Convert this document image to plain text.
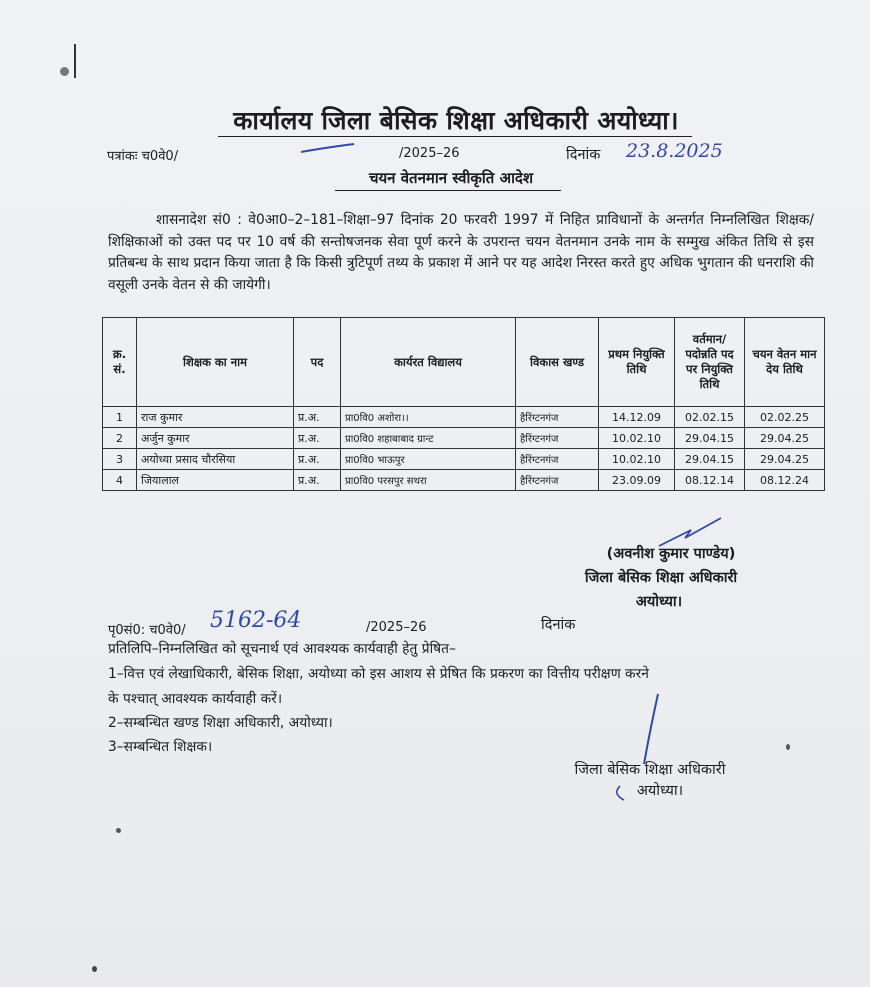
कार्यालय जिला बेसिक शिक्षा अधिकारी अयोध्या।
पत्रांकः च0वे0/	/2025–26	दिनांक 23.8.2025
चयन वेतनमान स्वीकृति आदेश
शासनादेश सं0 : वे0आ0–2–181–शिक्षा–97 दिनांक 20 फरवरी 1997 में निहित प्राविधानों के अन्तर्गत निम्नलिखित शिक्षक/शिक्षिकाओं को उक्त पद पर 10 वर्ष की सन्तोषजनक सेवा पूर्ण करने के उपरान्त चयन वेतनमान उनके नाम के सम्मुख अंकित तिथि से इस प्रतिबन्ध के साथ प्रदान किया जाता है कि किसी त्रुटिपूर्ण तथ्य के प्रकाश में आने पर यह आदेश निरस्त करते हुए अधिक भुगतान की धनराशि की वसूली उनके वेतन से की जायेगी।
क्र. सं.	शिक्षक का नाम	पद	कार्यरत विद्यालय	विकास खण्ड	प्रथम नियुक्ति तिथि	वर्तमान/ पदोन्नति पद पर नियुक्ति तिथि	चयन वेतन मान देय तिथि
1	राज कुमार	प्र.अ.	प्रा0वि0 अशोरा।।	हैरिंग्टनगंज	14.12.09	02.02.15	02.02.25
2	अर्जुन कुमार	प्र.अ.	प्रा0वि0 शहाबाबाद ग्रान्ट	हैरिंग्टनगंज	10.02.10	29.04.15	29.04.25
3	अयोध्या प्रसाद चौरसिया	प्र.अ.	प्रा0वि0 भाऊपुर	हैरिंग्टनगंज	10.02.10	29.04.15	29.04.25
4	जियालाल	प्र.अ.	प्रा0वि0 परसपुर सथरा	हैरिंग्टनगंज	23.09.09	08.12.14	08.12.24
(अवनीश कुमार पाण्डेय)
जिला बेसिक शिक्षा अधिकारी
अयोध्या।
पृ0सं0: च0वे0/ 5162-64	/2025–26	दिनांक
प्रतिलिपि–निम्नलिखित को सूचनार्थ एवं आवश्यक कार्यवाही हेतु प्रेषित–
1–वित्त एवं लेखाधिकारी, बेसिक शिक्षा, अयोध्या को इस आशय से प्रेषित कि प्रकरण का वित्तीय परीक्षण करने
के पश्चात् आवश्यक कार्यवाही करें।
2–सम्बन्धित खण्ड शिक्षा अधिकारी, अयोध्या।
3–सम्बन्धित शिक्षक।
जिला बेसिक शिक्षा अधिकारी
अयोध्या।
